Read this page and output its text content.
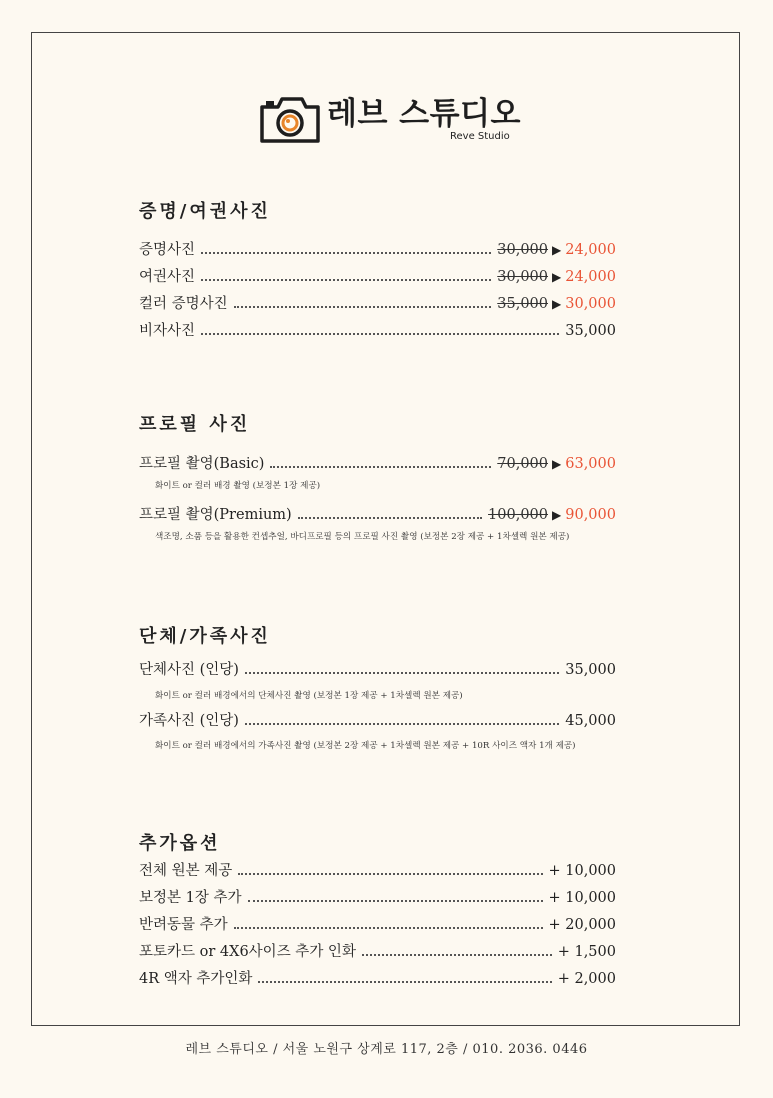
레브 스튜디오
Reve Studio
증명/여권사진
증명사진	30,000 ▶ 24,000
여권사진	30,000 ▶ 24,000
컬러 증명사진	35,000 ▶ 30,000
비자사진	35,000
프로필 사진
프로필 촬영(Basic)	70,000 ▶ 63,000
화이트 or 컬러 배경 촬영 (보정본 1장 제공)
프로필 촬영(Premium)	100,000 ▶ 90,000
색조명, 소품 등을 활용한 컨셉추얼, 바디프로필 등의 프로필 사진 촬영 (보정본 2장 제공 + 1차셀렉 원본 제공)
단체/가족사진
단체사진 (인당)	35,000
화이트 or 컬러 배경에서의 단체사진 촬영 (보정본 1장 제공 + 1차셀렉 원본 제공)
가족사진 (인당)	45,000
화이트 or 컬러 배경에서의 가족사진 촬영 (보정본 2장 제공 + 1차셀렉 원본 제공 + 10R 사이즈 액자 1개 제공)
추가옵션
전체 원본 제공	+ 10,000
보정본 1장 추가	+ 10,000
반려동물 추가	+ 20,000
포토카드 or 4X6사이즈 추가 인화	+ 1,500
4R 액자 추가인화	+ 2,000
레브 스튜디오 / 서울 노원구 상계로 117, 2층 / 010. 2036. 0446
